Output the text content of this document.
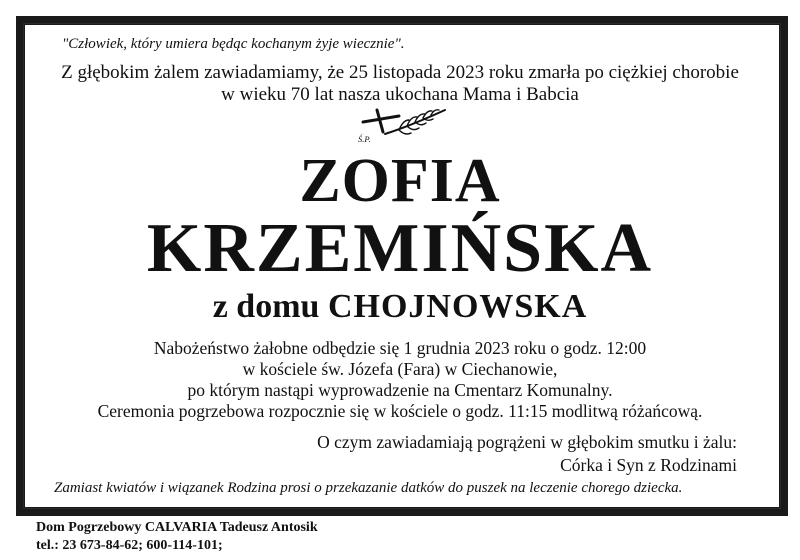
"Człowiek, który umiera będąc kochanym żyje wiecznie".
Z głębokim żalem zawiadamiamy, że 25 listopada 2023 roku zmarła po ciężkiej chorobie
w wieku 70 lat nasza ukochana Mama i Babcia
Ś.P.
ZOFIA
KRZEMIŃSKA
z domu CHOJNOWSKA
Nabożeństwo żałobne odbędzie się 1 grudnia 2023 roku o godz. 12:00
w kościele św. Józefa (Fara) w Ciechanowie,
po którym nastąpi wyprowadzenie na Cmentarz Komunalny.
Ceremonia pogrzebowa rozpocznie się w kościele o godz. 11:15 modlitwą różańcową.
O czym zawiadamiają pogrążeni w głębokim smutku i żalu:
Córka i Syn z Rodzinami
Zamiast kwiatów i wiązanek Rodzina prosi o przekazanie datków do puszek na leczenie chorego dziecka.
Dom Pogrzebowy CALVARIA Tadeusz Antosik
tel.: 23 673-84-62; 600-114-101;
